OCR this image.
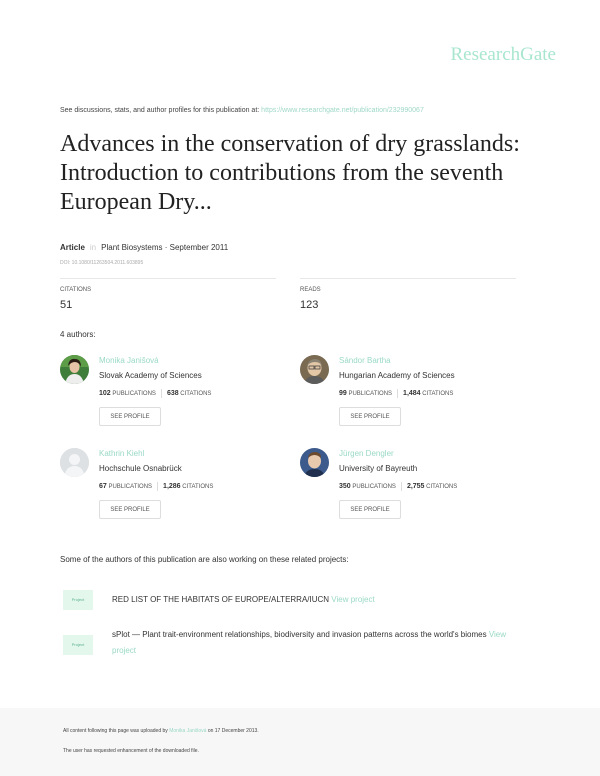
ResearchGate
See discussions, stats, and author profiles for this publication at: https://www.researchgate.net/publication/232990067
Advances in the conservation of dry grasslands: Introduction to contributions from the seventh European Dry...
Article in Plant Biosystems · September 2011
DOI: 10.1080/11263504.2011.603895
CITATIONS
51
READS
123
4 authors:
Monika Janišová
Slovak Academy of Sciences
102 PUBLICATIONS 638 CITATIONS
SEE PROFILE
Sándor Bartha
Hungarian Academy of Sciences
99 PUBLICATIONS 1,484 CITATIONS
SEE PROFILE
Kathrin Kiehl
Hochschule Osnabrück
67 PUBLICATIONS 1,286 CITATIONS
SEE PROFILE
Jürgen Dengler
University of Bayreuth
350 PUBLICATIONS 2,755 CITATIONS
SEE PROFILE
Some of the authors of this publication are also working on these related projects:
Project	RED LIST OF THE HABITATS OF EUROPE/ALTERRA/IUCN View project
Project
sPlot — Plant trait-environment relationships, biodiversity and invasion patterns across the world's biomes View project
All content following this page was uploaded by Monika Janišová on 17 December 2013.
The user has requested enhancement of the downloaded file.
